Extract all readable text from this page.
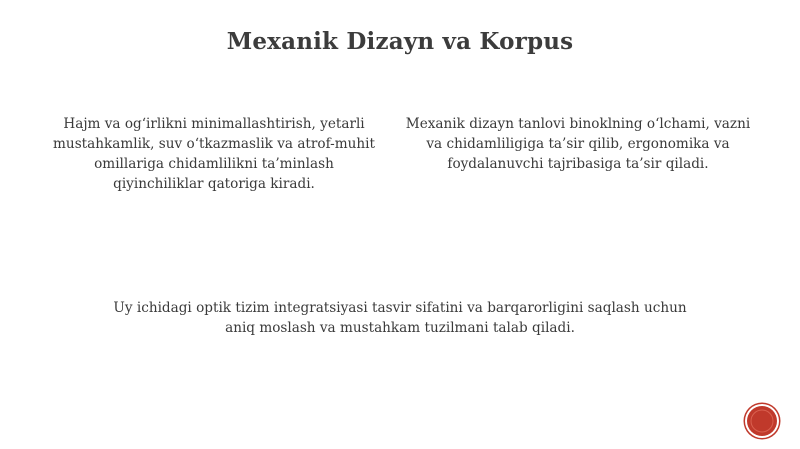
Mexanik Dizayn va Korpus

Hajm va og‘irlikni minimallashtirish, yetarli mustahkamlik, suv o‘tkazmaslik va atrof-muhit omillariga chidamlilikni ta’minlash qiyinchiliklar qatoriga kiradi.

Mexanik dizayn tanlovi binoklning o‘lchami, vazni va chidamliligiga ta’sir qilib, ergonomika va foydalanuvchi tajribasiga ta’sir qiladi.

Uy ichidagi optik tizim integratsiyasi tasvir sifatini va barqarorligini saqlash uchun aniq moslash va mustahkam tuzilmani talab qiladi.
